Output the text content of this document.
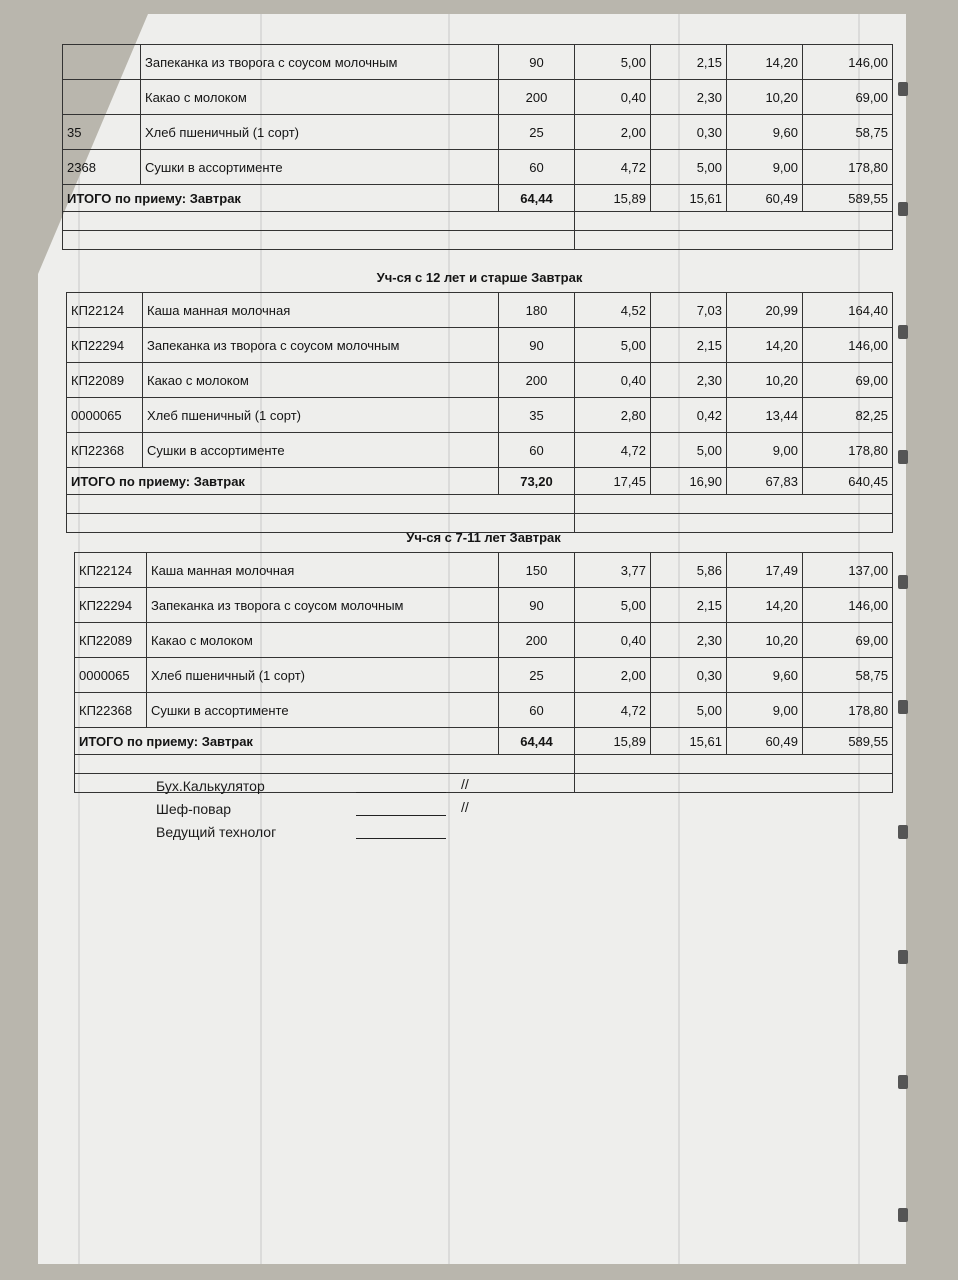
	Запеканка из творога с соусом молочным	90	5,00	2,15	14,20	146,00
	Какао с молоком	200	0,40	2,30	10,20	69,00
35	Хлеб пшеничный (1 сорт)	25	2,00	0,30	9,60	58,75
2368	Сушки в ассортименте	60	4,72	5,00	9,00	178,80
ИТОГО по приему: Завтрак		64,44	15,89	15,61	60,49	589,55

Уч-ся с 12 лет и старше Завтрак						
КП22124	Каша манная молочная	180	4,52	7,03	20,99	164,40
КП22294	Запеканка из творога с соусом молочным	90	5,00	2,15	14,20	146,00
КП22089	Какао с молоком	200	0,40	2,30	10,20	69,00
0000065	Хлеб пшеничный (1 сорт)	35	2,80	0,42	13,44	82,25
КП22368	Сушки в ассортименте	60	4,72	5,00	9,00	178,80
ИТОГО по приему: Завтрак		73,20	17,45	16,90	67,83	640,45

Уч-ся с 7-11 лет Завтрак						
КП22124	Каша манная молочная	150	3,77	5,86	17,49	137,00
КП22294	Запеканка из творога с соусом молочным	90	5,00	2,15	14,20	146,00
КП22089	Какао с молоком	200	0,40	2,30	10,20	69,00
0000065	Хлеб пшеничный (1 сорт)	25	2,00	0,30	9,60	58,75
КП22368	Сушки в ассортименте	60	4,72	5,00	9,00	178,80
ИТОГО по приему: Завтрак		64,44	15,89	15,61	60,49	589,55

Бух.Калькулятор	//
Шеф-повар	//
Ведущий технолог
